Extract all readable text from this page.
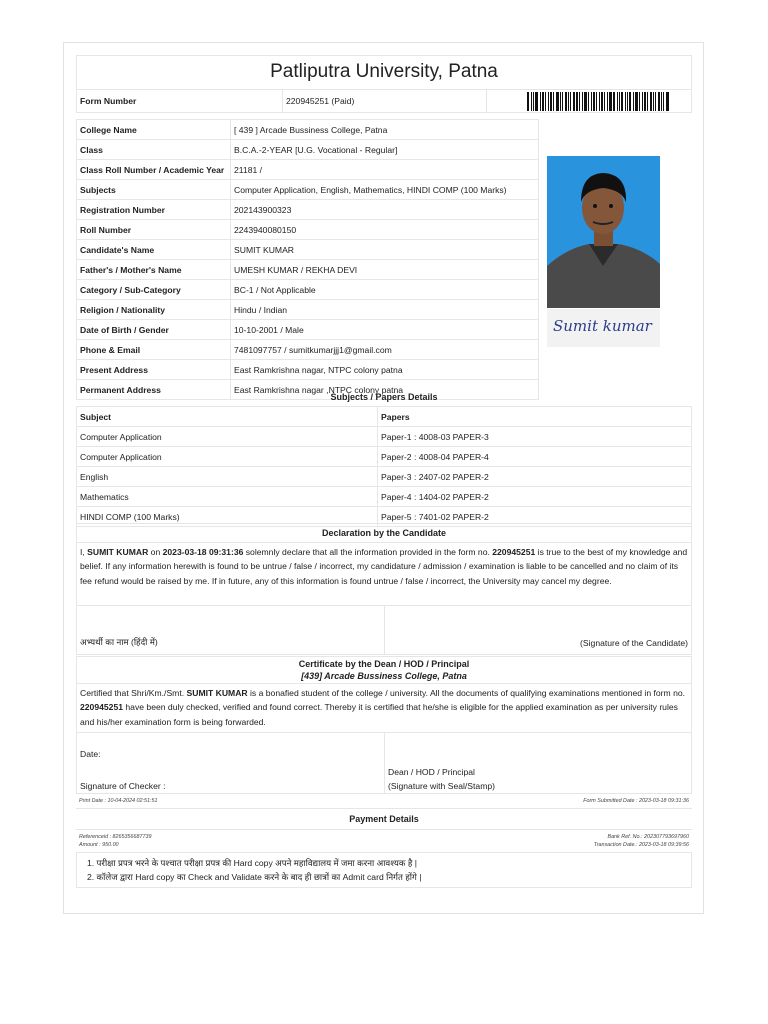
Patliputra University, Patna
Form Number	220945251 (Paid)	
College Name	[ 439 ] Arcade Bussiness College, Patna
Class	B.C.A.-2-YEAR [U.G. Vocational - Regular]
Class Roll Number / Academic Year	21181 /
Subjects	Computer Application, English, Mathematics, HINDI COMP (100 Marks)
Registration Number	202143900323
Roll Number	2243940080150
Candidate's Name	SUMIT KUMAR
Father's / Mother's Name	UMESH KUMAR / REKHA DEVI
Category / Sub-Category	BC-1 / Not Applicable
Religion / Nationality	Hindu / Indian
Date of Birth / Gender	10-10-2001 / Male
Phone & Email	7481097757 / sumitkumarjjj1@gmail.com
Present Address	East Ramkrishna nagar, NTPC colony patna
Permanent Address	East Ramkrishna nagar ,NTPC colony patna
Sumit kumar
Subjects / Papers Details	
Subject	Papers
Computer Application	Paper-1 : 4008-03 PAPER-3
Computer Application	Paper-2 : 4008-04 PAPER-4
English	Paper-3 : 2407-02 PAPER-2
Mathematics	Paper-4 : 1404-02 PAPER-2
HINDI COMP (100 Marks)	Paper-5 : 7401-02 PAPER-2
Declaration by the Candidate
I, SUMIT KUMAR on 2023-03-18 09:31:36 solemnly declare that all the information provided in the form no. 220945251 is true to the best of my knowledge and belief. If any information herewith is found to be untrue / false / incorrect, my candidature / admission / examination is liable to be cancelled and no claim of its fee refund would be raised by me. If in future, any of this information is found untrue / false / incorrect, the University may cancel my degree.
अभ्यर्थी का नाम (हिंदी में)	(Signature of the Candidate)
Certificate by the Dean / HOD / Principal
[439] Arcade Bussiness College, Patna
Certified that Shri/Km./Smt. SUMIT KUMAR is a bonafied student of the college / university. All the documents of qualifying examinations mentioned in form no. 220945251 have been duly checked, verified and found correct. Thereby it is certified that he/she is eligible for the applied examination as per university rules and his/her examination form is being forwarded.
Date:
Signature of Checker :
Dean / HOD / Principal
(Signature with Seal/Stamp)
Print Date : 10-04-2024 02:51:51	Form Submitted Date : 2023-03-18 09:31:36
Payment Details
Referenceid : 8265356687739
Amount : 950.00
Bank Ref. No.: 202307793697960
Transaction Date.: 2023-03-18 09:39:56
1. परीक्षा प्रपत्र भरने के पश्चात परीक्षा प्रपत्र की Hard copy अपने महाविद्यालय में जमा करना आवश्यक है |
2. कॉलेज द्वारा Hard copy का Check and Validate करने के बाद ही छात्रों का Admit card निर्गत होंगे |
